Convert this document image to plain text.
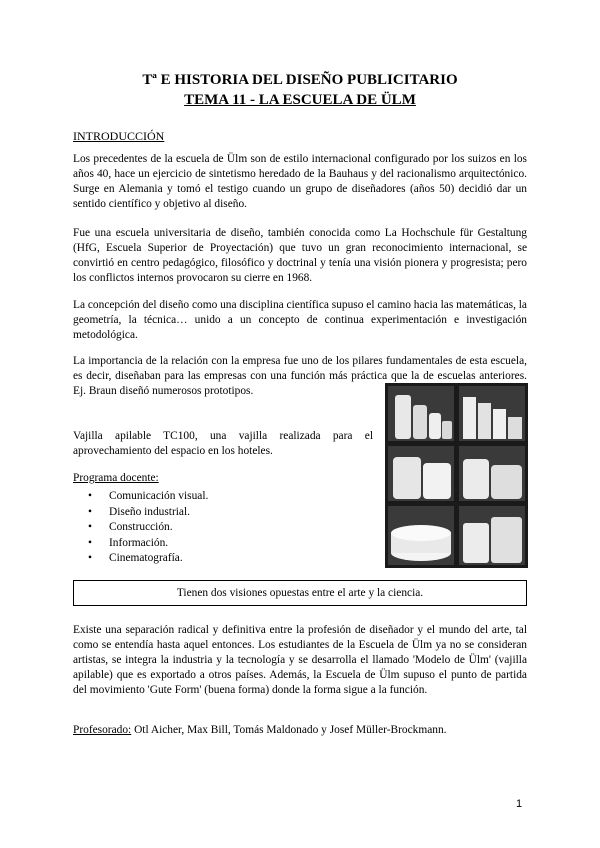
Tª E HISTORIA DEL DISEÑO PUBLICITARIO
TEMA 11 - LA ESCUELA DE ÜLM
INTRODUCCIÓN

Los precedentes de la escuela de Ülm son de estilo internacional configurado por los suizos en los años 40, hace un ejercicio de sintetismo heredado de la Bauhaus y del racionalismo arquitectónico. Surge en Alemania y tomó el testigo cuando un grupo de diseñadores (años 50) decidió dar un sentido científico y objetivo al diseño.

Fue una escuela universitaria de diseño, también conocida como La Hochschule für Gestaltung (HfG, Escuela Superior de Proyectación) que tuvo un gran reconocimiento internacional, se convirtió en centro pedagógico, filosófico y doctrinal y tenía una visión pionera y progresista; pero los conflictos internos provocaron su cierre en 1968.

La concepción del diseño como una disciplina científica supuso el camino hacia las matemáticas, la geometría, la técnica… unido a un concepto de continua experimentación e investigación metodológica.

La importancia de la relación con la empresa fue uno de los pilares fundamentales de esta escuela, es decir, diseñaban para las empresas con una función más práctica que la de escuelas anteriores. Ej. Braun diseñó numerosos prototipos.

Vajilla apilable TC100, una vajilla realizada para el aprovechamiento del espacio en los hoteles.

Programa docente:
• Comunicación visual.
• Diseño industrial.
• Construcción.
• Información.
• Cinematografía.
Tienen dos visiones opuestas entre el arte y la ciencia.

Existe una separación radical y definitiva entre la profesión de diseñador y el mundo del arte, tal como se entendía hasta aquel entonces. Los estudiantes de la Escuela de Ülm ya no se consideran artistas, se integra la industria y la tecnología y se desarrolla el llamado 'Modelo de Ülm' (vajilla apilable) que es exportado a otros países. Además, la Escuela de Ülm supuso el punto de partida del movimiento 'Gute Form' (buena forma) donde la forma sigue a la función.

Profesorado: Otl Aicher, Max Bill, Tomás Maldonado y Josef Müller-Brockmann.
1
